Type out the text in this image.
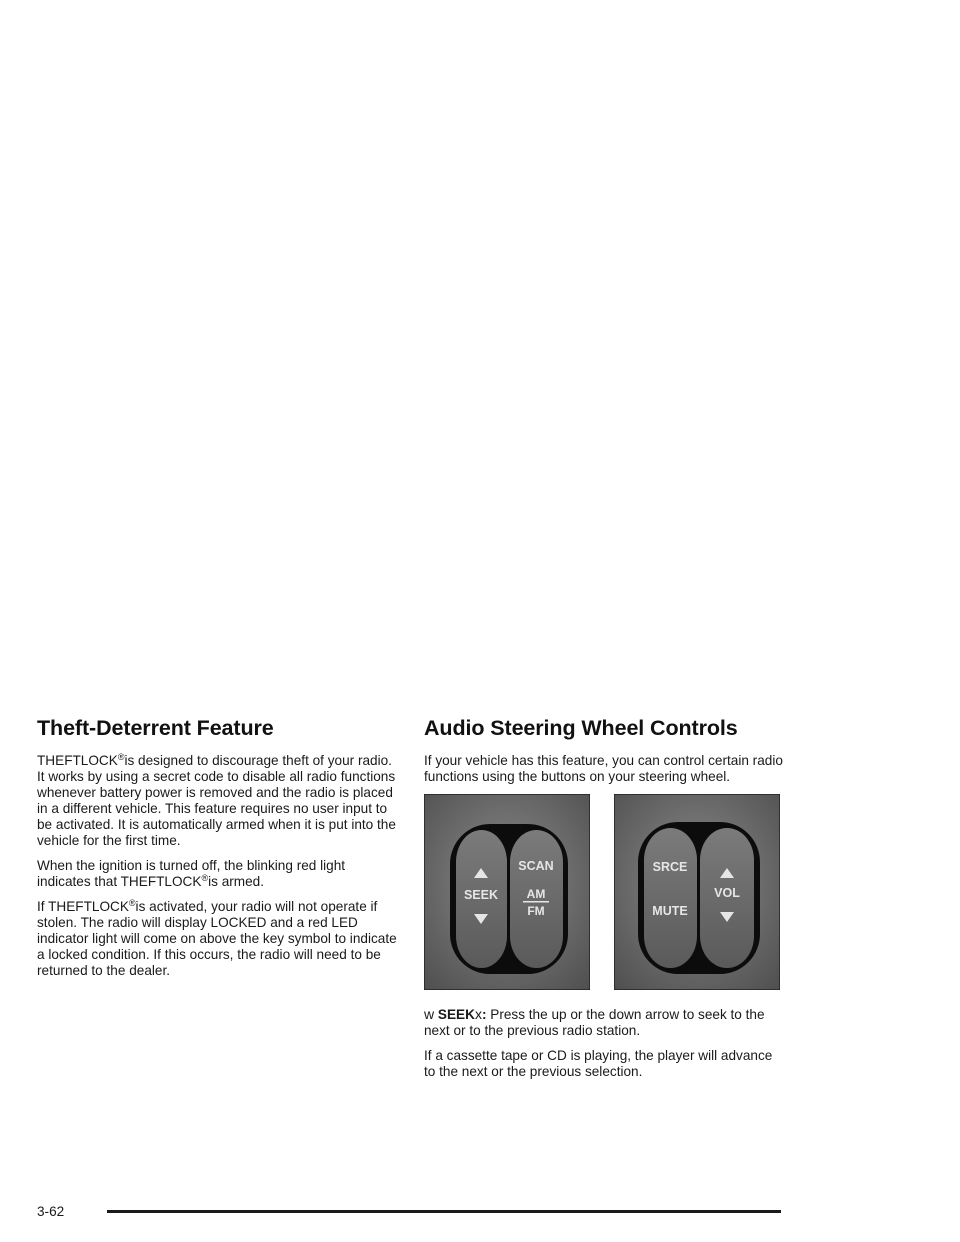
Theft-Deterrent Feature

THEFTLOCK®is designed to discourage theft of your radio. It works by using a secret code to disable all radio functions whenever battery power is removed and the radio is placed in a different vehicle. This feature requires no user input to be activated. It is automatically armed when it is put into the vehicle for the first time.

When the ignition is turned off, the blinking red light indicates that THEFTLOCK®is armed.

If THEFTLOCK®is activated, your radio will not operate if stolen. The radio will display LOCKED and a red LED indicator light will come on above the key symbol to indicate a locked condition. If this occurs, the radio will need to be returned to the dealer.

Audio Steering Wheel Controls

If your vehicle has this feature, you can control certain radio functions using the buttons on your steering wheel.

SEEK
SCAN
AM
FM
SRCE
MUTE
VOL

w SEEKx: Press the up or the down arrow to seek to the next or to the previous radio station.

If a cassette tape or CD is playing, the player will advance to the next or the previous selection.

3-62
